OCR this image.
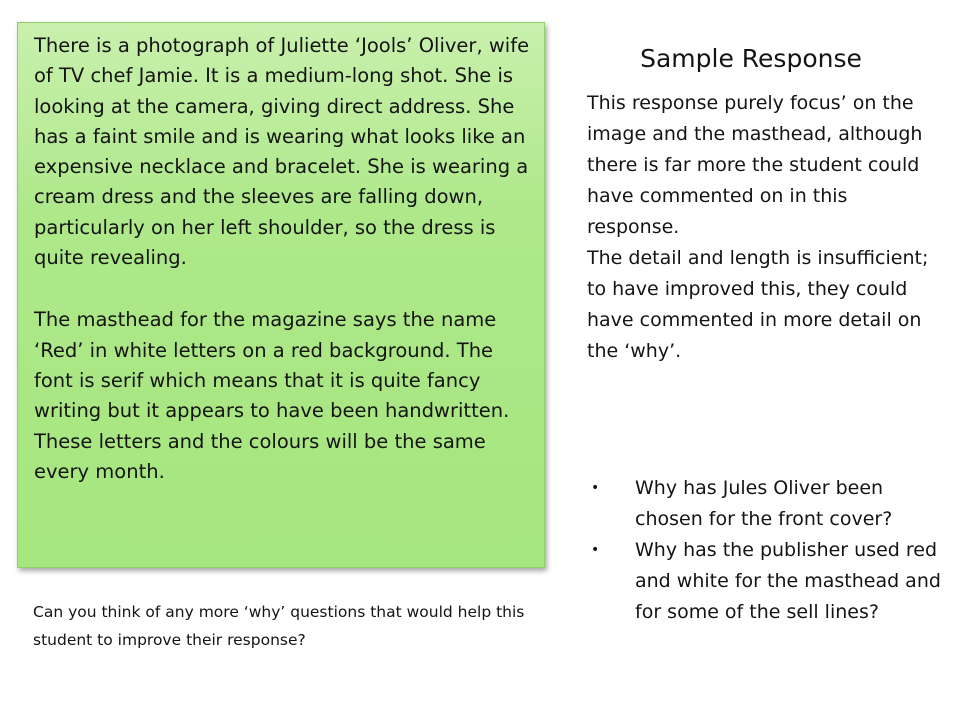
There is a photograph of Juliette ‘Jools’ Oliver, wife of TV chef Jamie. It is a medium-long shot. She is looking at the camera, giving direct address. She has a faint smile and is wearing what looks like an expensive necklace and bracelet. She is wearing a cream dress and the sleeves are falling down, particularly on her left shoulder, so the dress is quite revealing.

The masthead for the magazine says the name ‘Red’ in white letters on a red background. The font is serif which means that it is quite fancy writing but it appears to have been handwritten. These letters and the colours will be the same every month.

Can you think of any more ‘why’ questions that would help this student to improve their response?

Sample Response

This response purely focus’ on the image and the masthead, although there is far more the student could have commented on in this response.

The detail and length is insufficient; to have improved this, they could have commented in more detail on the ‘why’.

• Why has Jules Oliver been chosen for the front cover?
• Why has the publisher used red and white for the masthead and for some of the sell lines?
